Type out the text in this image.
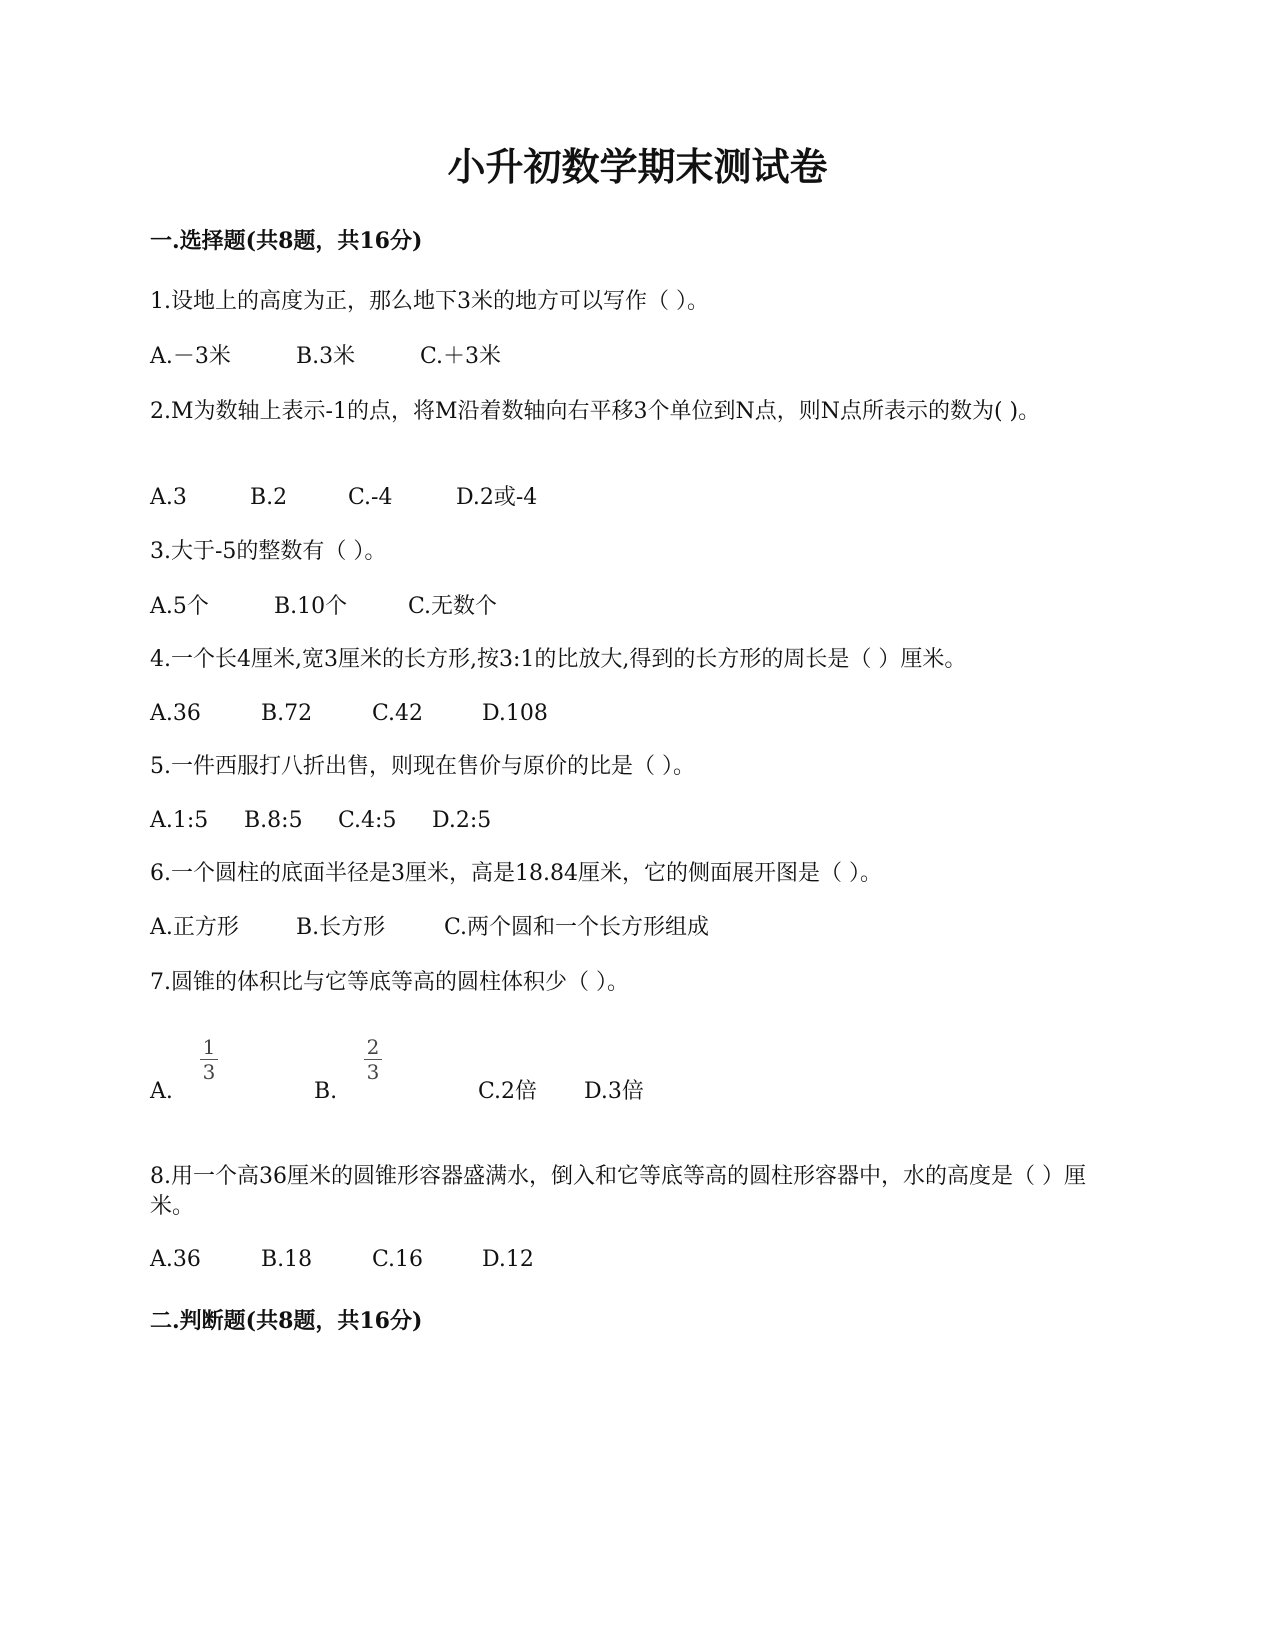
小升初数学期末测试卷
一.选择题(共8题，共16分)
1.设地上的高度为正，那么地下3米的地方可以写作（ ）。
A.－3米	B.3米	C.＋3米
2.M为数轴上表示-1的点，将M沿着数轴向右平移3个单位到N点，则N点所表示的数为( )。
A.3	B.2	C.-4	D.2或-4
3.大于-5的整数有（ ）。
A.5个	B.10个	C.无数个
4.一个长4厘米,宽3厘米的长方形,按3:1的比放大,得到的长方形的周长是（ ）厘米。
A.36	B.72	C.42	D.108
5.一件西服打八折出售，则现在售价与原价的比是（ ）。
A.1:5 B.8:5 C.4:5 D.2:5
6.一个圆柱的底面半径是3厘米，高是18.84厘米，它的侧面展开图是（ ）。
A.正方形	B.长方形	C.两个圆和一个长方形组成
7.圆锥的体积比与它等底等高的圆柱体积少（ ）。
1
3
2
3
A.	B.	C.2倍 D.3倍
8.用一个高36厘米的圆锥形容器盛满水，倒入和它等底等高的圆柱形容器中，水的高度是（ ）厘米。
A.36	B.18	C.16	D.12
二.判断题(共8题，共16分)
